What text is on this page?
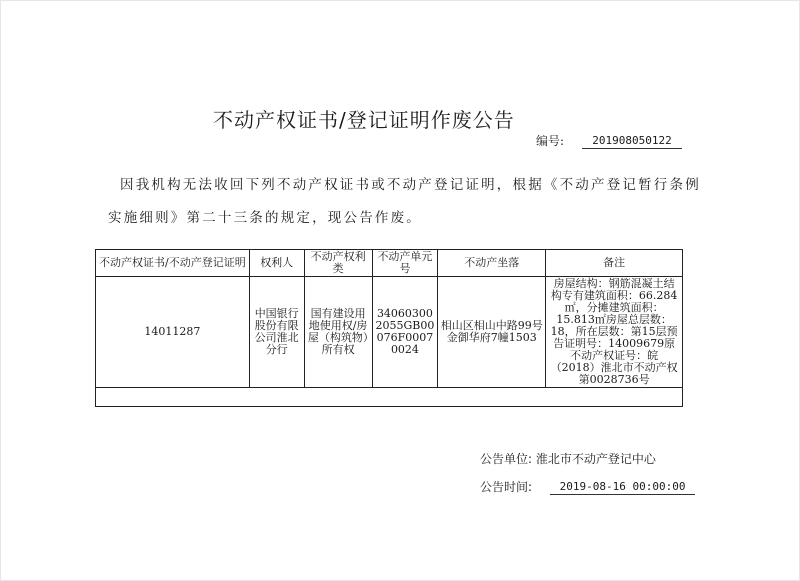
不动产权证书/登记证明作废公告
编号:	201908050122
因我机构无法收回下列不动产权证书或不动产登记证明，根据《不动产登记暂行条例实施细则》第二十三条的规定，现公告作废。
不动产权证书/不动产登记证明	权利人	不动产权利类	不动产单元号	不动产坐落	备注
14011287	中国银行股份有限公司淮北分行	国有建设用地使用权/房屋（构筑物）所有权	340603002055GB00076F00070024	相山区相山中路99号金御华府7幢1503	房屋结构：钢筋混凝土结构专有建筑面积：66.284㎡，分摊建筑面积：15.813㎡房屋总层数：18，所在层数：第15层预告证明号：14009679原不动产权证号：皖（2018）淮北市不动产权第0028736号

公告单位: 淮北市不动产登记中心
公告时间:	2019-08-16 00:00:00
